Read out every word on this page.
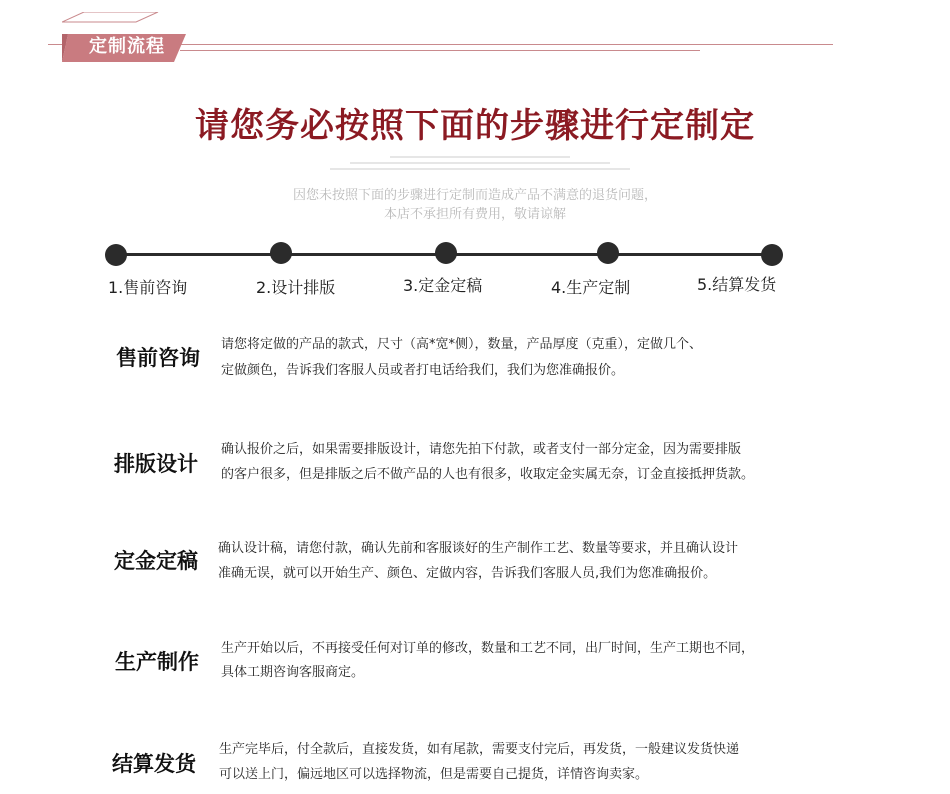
定制流程
请您务必按照下面的步骤进行定制定
因您未按照下面的步骤进行定制而造成产品不满意的退货问题，
本店不承担所有费用，敬请谅解
1.售前咨询	2.设计排版	3.定金定稿	4.生产定制	5.结算发货
售前咨询
请您将定做的产品的款式，尺寸（高*宽*侧），数量，产品厚度（克重），定做几个、
定做颜色，告诉我们客服人员或者打电话给我们，我们为您准确报价。
排版设计
确认报价之后，如果需要排版设计，请您先拍下付款，或者支付一部分定金，因为需要排版
的客户很多，但是排版之后不做产品的人也有很多，收取定金实属无奈，订金直接抵押货款。
定金定稿
确认设计稿，请您付款，确认先前和客服谈好的生产制作工艺、数量等要求，并且确认设计
准确无误，就可以开始生产、颜色、定做内容，告诉我们客服人员,我们为您准确报价。
生产制作
生产开始以后，不再接受任何对订单的修改，数量和工艺不同，出厂时间，生产工期也不同，
具体工期咨询客服商定。
结算发货
生产完毕后，付全款后，直接发货，如有尾款，需要支付完后，再发货，一般建议发货快递
可以送上门，偏远地区可以选择物流，但是需要自己提货，详情咨询卖家。
